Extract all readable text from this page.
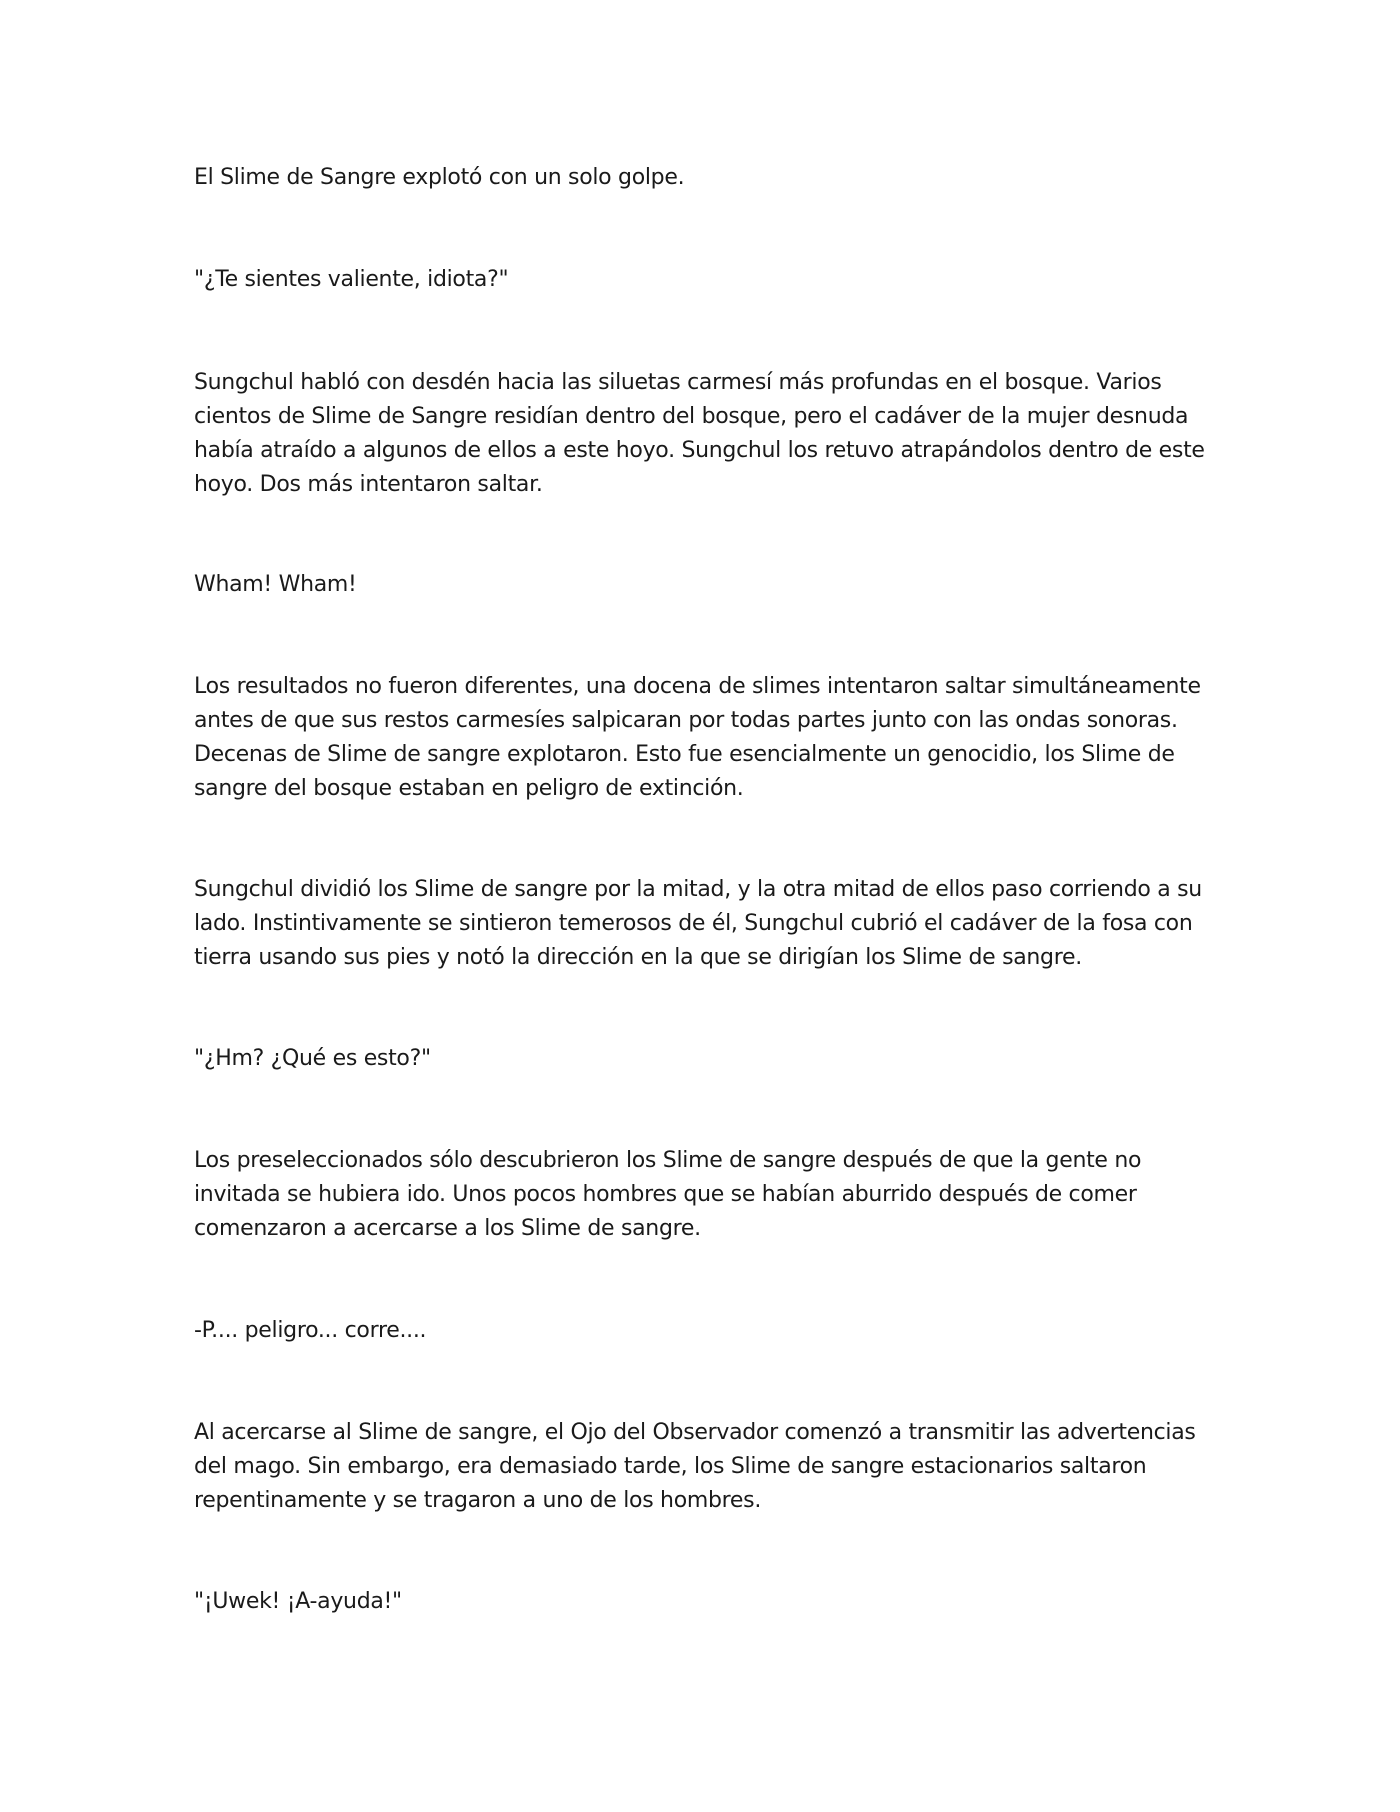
El Slime de Sangre explotó con un solo golpe.

"¿Te sientes valiente, idiota?"

Sungchul habló con desdén hacia las siluetas carmesí más profundas en el bosque. Varios cientos de Slime de Sangre residían dentro del bosque, pero el cadáver de la mujer desnuda había atraído a algunos de ellos a este hoyo. Sungchul los retuvo atrapándolos dentro de este hoyo. Dos más intentaron saltar.

Wham! Wham!

Los resultados no fueron diferentes, una docena de slimes intentaron saltar simultáneamente antes de que sus restos carmesíes salpicaran por todas partes junto con las ondas sonoras. Decenas de Slime de sangre explotaron. Esto fue esencialmente un genocidio, los Slime de sangre del bosque estaban en peligro de extinción.

Sungchul dividió los Slime de sangre por la mitad, y la otra mitad de ellos paso corriendo a su lado. Instintivamente se sintieron temerosos de él, Sungchul cubrió el cadáver de la fosa con tierra usando sus pies y notó la dirección en la que se dirigían los Slime de sangre.

"¿Hm? ¿Qué es esto?"

Los preseleccionados sólo descubrieron los Slime de sangre después de que la gente no invitada se hubiera ido. Unos pocos hombres que se habían aburrido después de comer comenzaron a acercarse a los Slime de sangre.

-P.... peligro... corre....

Al acercarse al Slime de sangre, el Ojo del Observador comenzó a transmitir las advertencias del mago. Sin embargo, era demasiado tarde, los Slime de sangre estacionarios saltaron repentinamente y se tragaron a uno de los hombres.

"¡Uwek! ¡A-ayuda!"
